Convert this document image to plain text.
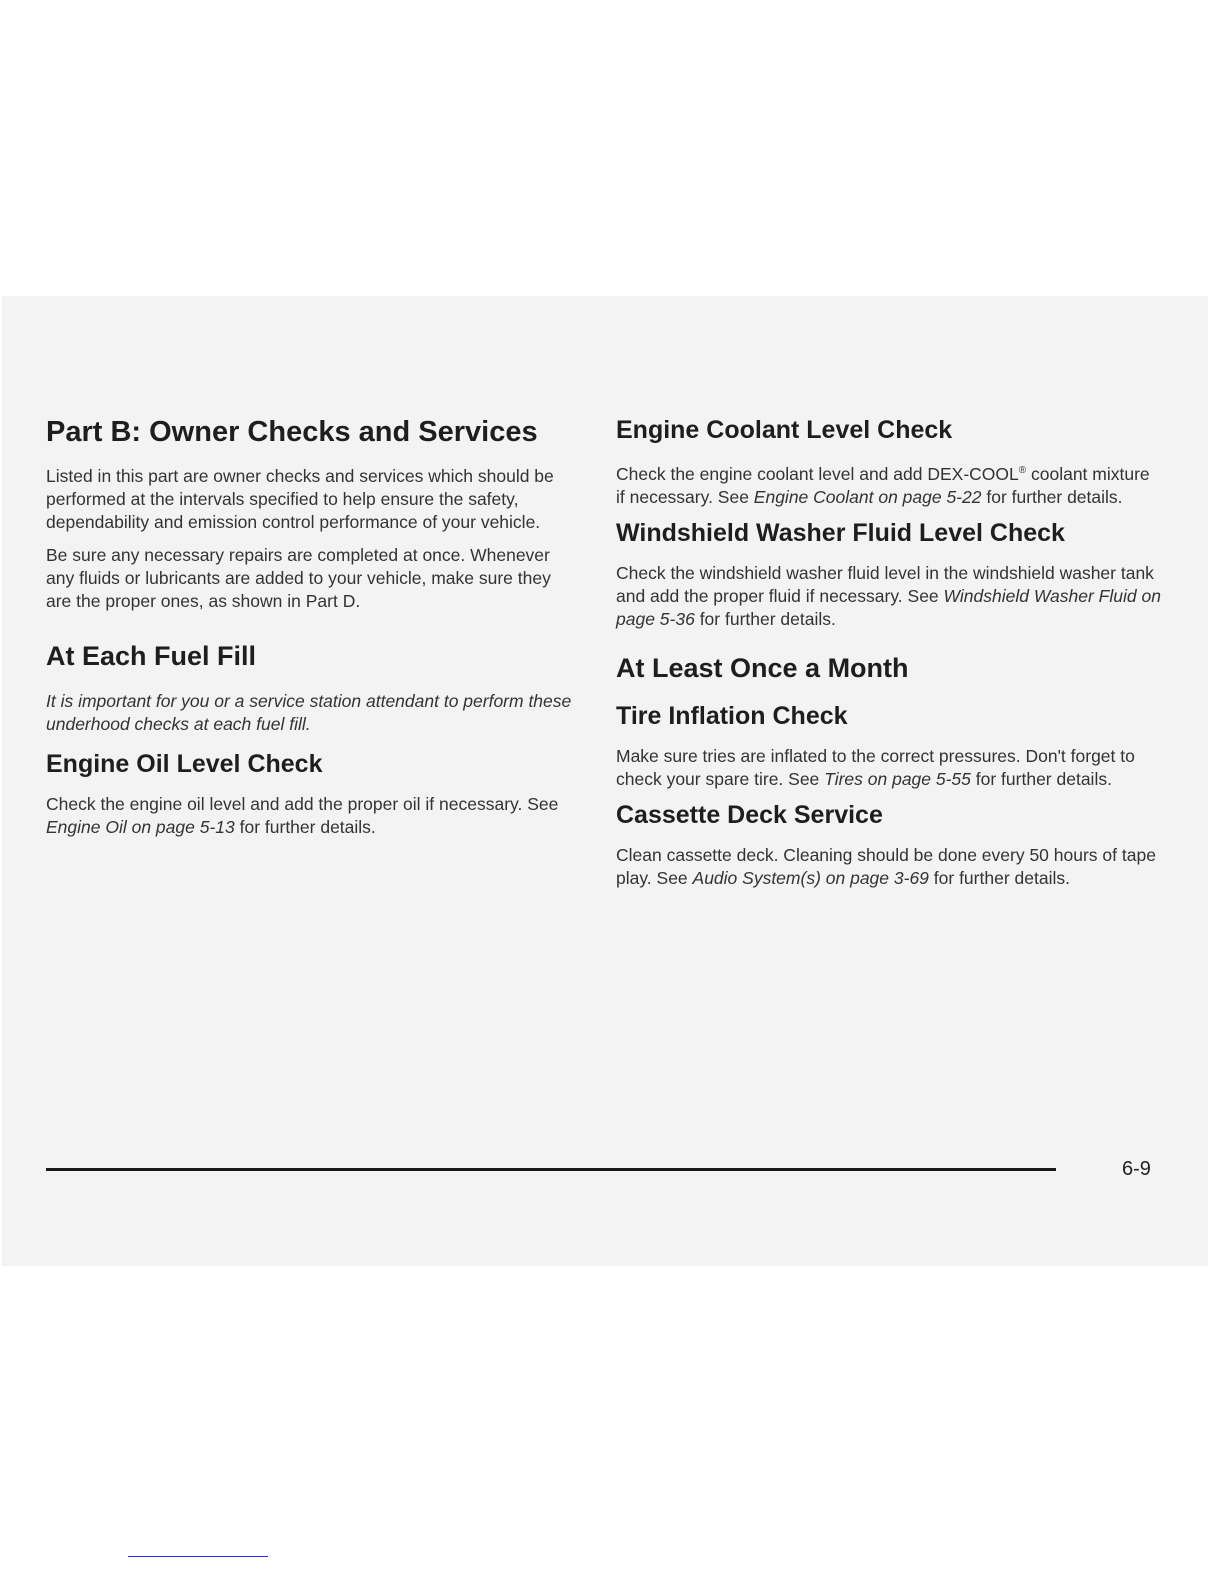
Part B: Owner Checks and Services

Listed in this part are owner checks and services which should be performed at the intervals specified to help ensure the safety, dependability and emission control performance of your vehicle.

Be sure any necessary repairs are completed at once. Whenever any fluids or lubricants are added to your vehicle, make sure they are the proper ones, as shown in Part D.

At Each Fuel Fill

It is important for you or a service station attendant to perform these underhood checks at each fuel fill.

Engine Oil Level Check

Check the engine oil level and add the proper oil if necessary. See Engine Oil on page 5-13 for further details.

Engine Coolant Level Check

Check the engine coolant level and add DEX-COOL® coolant mixture if necessary. See Engine Coolant on page 5-22 for further details.

Windshield Washer Fluid Level Check

Check the windshield washer fluid level in the windshield washer tank and add the proper fluid if necessary. See Windshield Washer Fluid on page 5-36 for further details.

At Least Once a Month
Tire Inflation Check

Make sure tries are inflated to the correct pressures. Don't forget to check your spare tire. See Tires on page 5-55 for further details.

Cassette Deck Service

Clean cassette deck. Cleaning should be done every 50 hours of tape play. See Audio System(s) on page 3-69 for further details.

6-9
